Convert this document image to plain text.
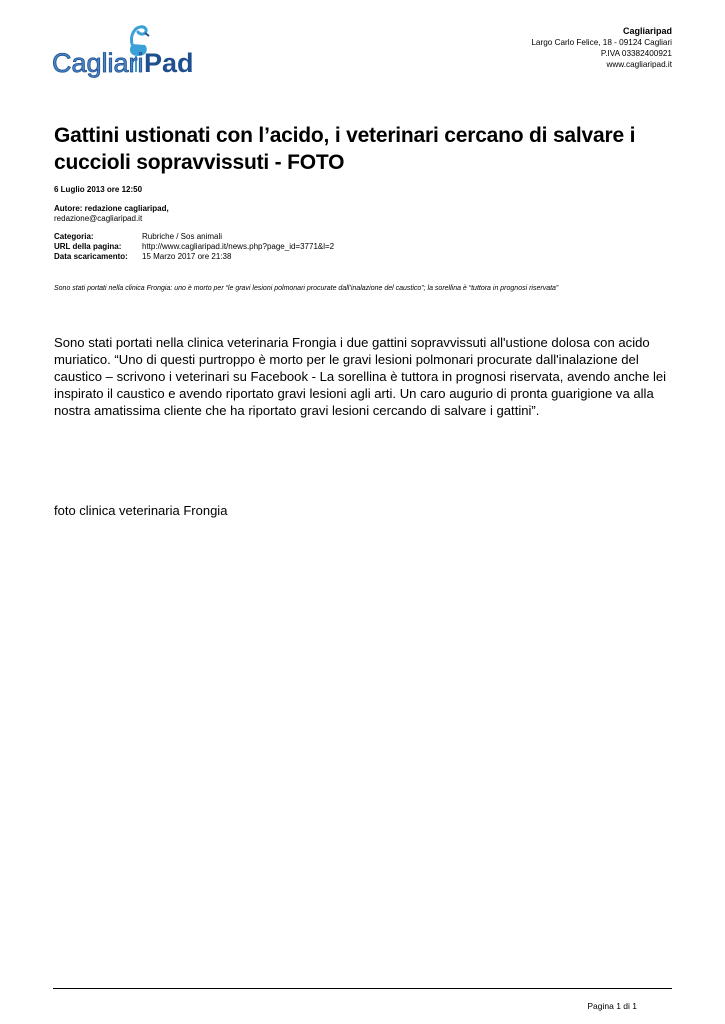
Cagliari Pad
Cagliaripad
Largo Carlo Felice, 18 - 09124 Cagliari
P.IVA 03382400921
www.cagliaripad.it
Gattini ustionati con l’acido, i veterinari cercano di salvare i cuccioli sopravvissuti - FOTO
6 Luglio 2013 ore 12:50
Autore: redazione cagliaripad,
redazione@cagliaripad.it
Categoria:	Rubriche / Sos animali
URL della pagina:	http://www.cagliaripad.it/news.php?page_id=3771&l=2
Data scaricamento:	15 Marzo 2017 ore 21:38
Sono stati portati nella clinica Frongia: uno è morto per “le gravi lesioni polmonari procurate dall’inalazione del caustico”; la sorellina è “tuttora in prognosi riservata”

Sono stati portati nella clinica veterinaria Frongia i due gattini sopravvissuti all'ustione dolosa con acido muriatico. “Uno di questi purtroppo è morto per le gravi lesioni polmonari procurate dall'inalazione del caustico – scrivono i veterinari su Facebook - La sorellina è tuttora in prognosi riservata, avendo anche lei inspirato il caustico e avendo riportato gravi lesioni agli arti. Un caro augurio di pronta guarigione va alla nostra amatissima cliente che ha riportato gravi lesioni cercando di salvare i gattini”.

foto clinica veterinaria Frongia
Pagina 1 di 1
